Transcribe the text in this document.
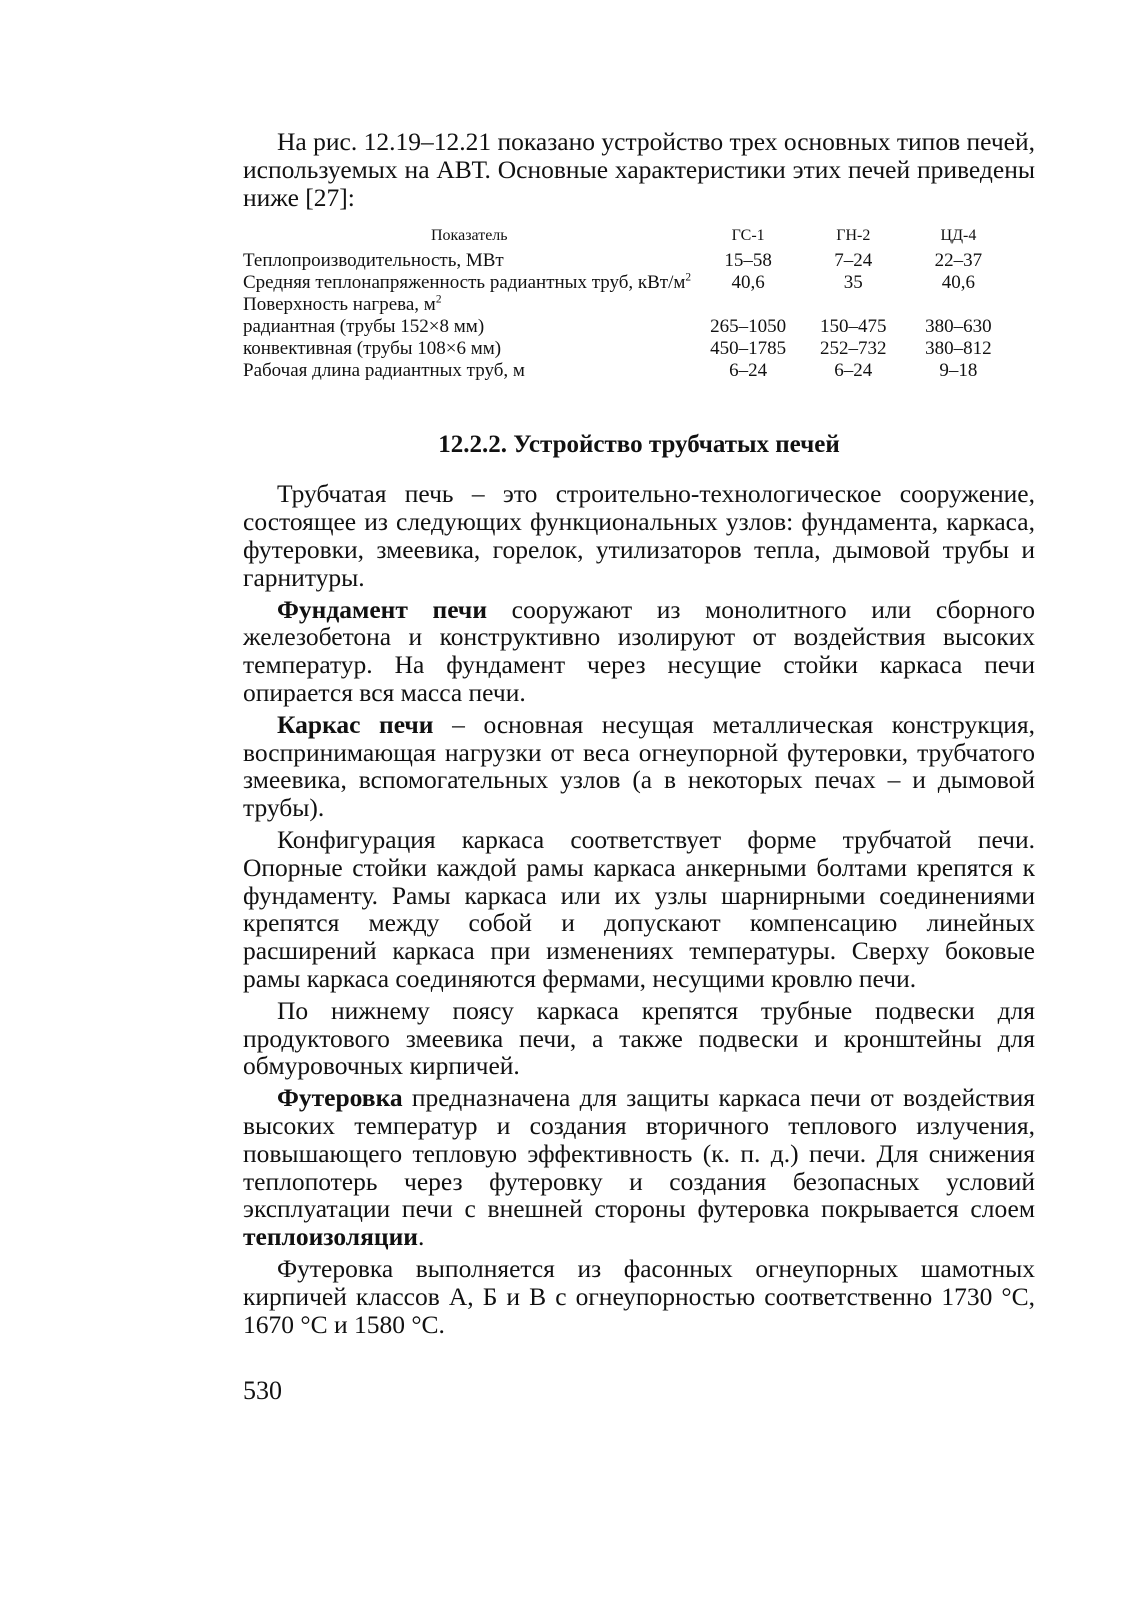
На рис. 12.19–12.21 показано устройство трех основных типов печей, используемых на АВТ. Основные характеристики этих печей приведены ниже [27]:

Показатель	ГС-1	ГН-2	ЦД-4
Теплопроизводительность, МВт	15–58	7–24	22–37
Средняя теплонапряженность радиантных труб, кВт/$м^2$	40,6	35	40,6
Поверхность нагрева, $м^2$			
радиантная (трубы 152×8 мм)	265–1050	150–475	380–630
конвективная (трубы 108×6 мм)	450–1785	252–732	380–812
Рабочая длина радиантных труб, м	6–24	6–24	9–18
12.2.2. Устройство трубчатых печей

Трубчатая печь – это строительно-технологическое сооружение, состоящее из следующих функциональных узлов: фундамента, каркаса, футеровки, змеевика, горелок, утилизаторов тепла, дымовой трубы и гарнитуры.

Фундамент печи сооружают из монолитного или сборного железобетона и конструктивно изолируют от воздействия высоких температур. На фундамент через несущие стойки каркаса печи опирается вся масса печи.

Каркас печи – основная несущая металлическая конструкция, воспринимающая нагрузки от веса огнеупорной футеровки, трубчатого змеевика, вспомогательных узлов (а в некоторых печах – и дымовой трубы).

Конфигурация каркаса соответствует форме трубчатой печи. Опорные стойки каждой рамы каркаса анкерными болтами крепятся к фундаменту. Рамы каркаса или их узлы шарнирными соединениями крепятся между собой и допускают компенсацию линейных расширений каркаса при изменениях температуры. Сверху боковые рамы каркаса соединяются фермами, несущими кровлю печи.

По нижнему поясу каркаса крепятся трубные подвески для продуктового змеевика печи, а также подвески и кронштейны для обмуровочных кирпичей.

Футеровка предназначена для защиты каркаса печи от воздействия высоких температур и создания вторичного теплового излучения, повышающего тепловую эффективность (к. п. д.) печи. Для снижения теплопотерь через футеровку и создания безопасных условий эксплуатации печи с внешней стороны футеровка покрывается слоем теплоизоляции.

Футеровка выполняется из фасонных огнеупорных шамотных кирпичей классов А, Б и В с огнеупорностью соответственно 1730 °С, 1670 °С и 1580 °С.

530
